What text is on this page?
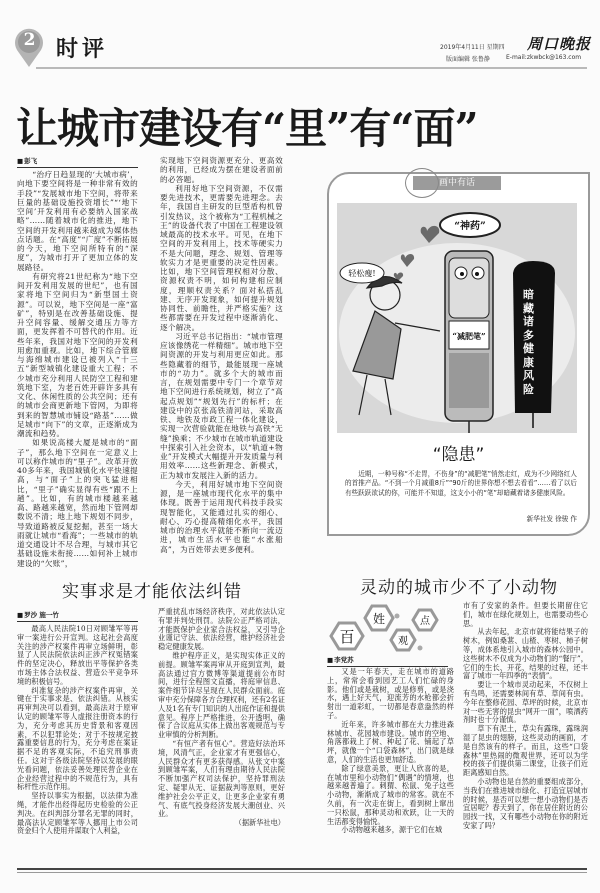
2 时评	2019年4月11日 星期四 周口晚报
版面编辑 张鲁静	E-mail:zkwbck@163.com
让城市建设有“里”有“面”
■ 彭飞

“治疗日趋显现的‘大城市病’，向地下要空间将是一种非常有效的手段”“发展城市地下空间，将带来巨量的基础设施投资增长”“‘地下空间’开发利用有必要纳入国家战略”……随着城市化的推进，地下空间的开发利用越来越成为媒体热点话题。在“高度”“广度”不断拓展的今天，地下空间所特有的“深度”，为城市打开了更加立体的发展路径。

有研究将21世纪称为“地下空间开发利用发展的世纪”，也有国家将地下空间归为“新型国土资源”。可以说，地下空间是一座“富矿”，特别是在改善基础设施、提升空间容量、缓解交通压力等方面，更发挥着不可替代的作用。近些年来，我国对地下空间的开发利用愈加重视。比如，地下综合管廊与海绵城市建设已被列入“十三五”新型城镇化建设重大工程；不少城市充分利用人民防空工程和建筑地下室，为老百姓开辟许多具有文化、休闲性质的公共空间；还有的城市会商更新地下管网，为即将到来的智慧城市铺设“路基”……做足城市“向下”的文章，正逐渐成为潮流和趋势。

如果说高楼大厦是城市的“面子”，那么地下空间在一定意义上可以称作城市的“里子”。改革开放40多年来，我国城镇化水平快速提高，与“面子”上的突飞猛进相比，“里子”确实显得有些“跟不上趟”。比如，有的城市楼越来越高、路越来越宽，然而地下管网却数说不清；地上地下规划不同步，导致道路被反复挖掘，甚至一场大雨就让城市“看海”；一些城市的轨道交通设计不尽合理，与城市其它基础设施未衔接……如何补上城市建设的“欠账”，

实现地下空间资源更充分、更高效的利用，已经成为摆在建设者面前的必答题。

利用好地下空间资源，不仅需要先进技术，更需要先进理念。去年，我国自主研发的巨型盾构机曾引发热议，这个被称为“工程机械之王”的设备代表了中国在工程建设领域最高的技术水平。可见，在地下空间的开发利用上，技术等硬实力不是大问题，理念、规划、管理等软实力才是更重要的决定性因素。比如，地下空间管理权相对分散、资源权责不明，如何构建相应制度，理顺权责关系？面对私搭乱建、无序开发现象，如何提升规划协同性、前瞻性，并严格实施？这些都需要在开发过程中逐渐消化、逐个解决。

习近平总书记指出：“城市管理应该像绣花一样精细”。城市地下空间资源的开发与利用更应如此。那些隐藏着的细节，最能展现一座城市的“功力”。就多个大的城市而言，在规划需要中专门一个章节对地下空间进行系统规划，树立了“高起点规划”“规划先行”的标杆；在建设中的京张高铁清河站，采取高铁、地铁及市政工程一体化建设，实现一次营验就能在地铁与高铁“无缝”换乘；不少城市在城市轨道建设中探索引入社会资本，以“轨道+物业”开发模式大幅提升开发质量与利用效率……这些新理念、新模式，正为城市发展注入新的活力。

今天，利用好城市地下空间资源，是一座城市现代化水平的集中体现。既善于运用现代科技手段实现智能化，又能通过扎实的细心、耐心、巧心提高精细化水平，我国城市的治理水平就能不断向一流迈进，城市生活水平也能“水涨船高”，为百姓带去更多便利。

画中有话
轻松瘦!
“神药”
“减肥笔”
暗藏诸多健康风险
“隐患”
近期，一种号称“不走胃，不伤身”的“减肥笔”悄然走红，成为不少网络红人的首推产品。“不到一个月减重8斤”“90斤的世界你想不想去看看”……看了以后有些跃跃欲试的你，可能并不知道，这支小小的“笔”却暗藏着诸多健康风险。
新华社发 徐骏 作
实事求是才能依法纠错
■ 罗沙 施一竹

最高人民法院10日对顾雏军等再审一案进行公开宣判。这起社会高度关注的涉产权案件再审立场鲜明，彰显了人民法院依法纠正涉产权冤错案件的坚定决心，释放出平等保护各类市场主体合法权益、营造公平竞争环境的积极信号。

纠准复杂的涉产权案件再审，关键在于实事求是、依法纠错。从核实再审判决可以看到，最高法对于原审认定的顾雏军等人虚报注册资本的行为，充分考虑其历史背景和客观因素，不以犯罪论处；对于不按规定披露重要信息的行为，充分考虑在案证据不足的客观实际，不追究刑事责任。这对于各级法院坚持以发展的眼光看问题，依法妥善处理民营企业在企业经营过程中的不规范行为，具有标杆性示范作用。

坚持以事实为根据，以法律为准绳，才能作出经得起历史检验的公正判决。在纠判部分罪名无罪的同时，最高法认定顾雏军等人挪用上市公司资金归个人使用并谋取个人利益，

严重扰乱市场经济秩序，对此依法认定有罪并判处刑罚。法院公正严格司法，才能既保护企业家合法权益，又引导企业谨记守法、依法经营，维护经济社会稳定健康发展。

维护程序正义，是实现实体正义的前提。顾雏军案再审从开庭到宣判，最高法通过官方微博等渠道提前公布时间，进行全程图文直播，将庭审信息、案件细节详尽呈现在人民群众面前。庭审中充分保障各方合理权利，还有2名证人及1名有专门知识的人出庭作证和提供意见。程序上严格推进，公开透明，确保了合议庭从实体上做出客观规范与专业审慎的分析判断。

“有恒产者有恒心”。营造好法治环境，风清气正，企业家才有更强信心，人民群众才有更多获得感。从张文中案到顾雏军案，人们有理由期待人民法院不断加强产权司法保护，坚持罪刑法定、疑罪从无、证据裁判等原则，更好维护社会公平正义，让更多企业家有勇气、有底气投身经济发展大潮创业、兴业。

（据新华社电）

灵动的城市少不了小动物
百
姓
观
点
■ 李党苏

又是一年春天，走在城市的道路上，常常会看到园艺工人们忙碌的身影。他们或是栽树，或是修剪，或是浇水，遇上好天气，迎流芳的水枪都会折射出一道彩虹，一切都是春意盎然的样子。

近年来，许多城市都在大力推进森林城市、花园城市建设。城市的空地、角落都栽上了树、种起了花、铺起了草坪，就像一个“口袋森林”，出门就是绿意，人们的生活也更加舒适。

除了绿意美景，更让人欣喜的是，在城市里和小动物们“偶遇”的情境，也越来越普遍了。刺猬、松鼠、兔子这些小动物，渐渐成了城市的常客。就在不久前，有一次走在街上，看到树上窜出一只松鼠，那种灵动和欢跃，让一天的生活都变得愉悦。

小动物越来越多，源于它们在城

市有了安家的条件。但要长期留住它们，城市在绿化规划上，也需要动些心思。

从去年起，北京市就将能结果子的树木，例如桑葚、山楂、枣树、柿子树等，成体系地引入城市的森林公园中。这些树木不仅成为小动物们的“餐厅”，它们的生长、开花、结果的过程，还丰富了城市一年四季的“表情”。

要让一个城市灵动起来，不仅树上有鸟鸣，还需要林间有草、草间有虫。今年在整修花园、草坪的时候，北京市对一些无害的昆虫“网开一面”，喷洒药剂时也十分谨慎。

草下有泥土，草尖有露珠，露珠润湿了昆虫的翅膀，这些灵动的画面，才是自然该有的样子。而且，这些“口袋森林”里热闹的微观世界，还可以为学校的孩子们提供第二课堂，让孩子们近距离感知自然。

小动物也是自然的重要组成部分，当我们在推进城市绿化、打造宜居城市的时候，是否可以想一想小动物们是否宜居呢？春天到了，你在居住附近的公园找一找，又有哪些小动物在你的附近安家了吗？
